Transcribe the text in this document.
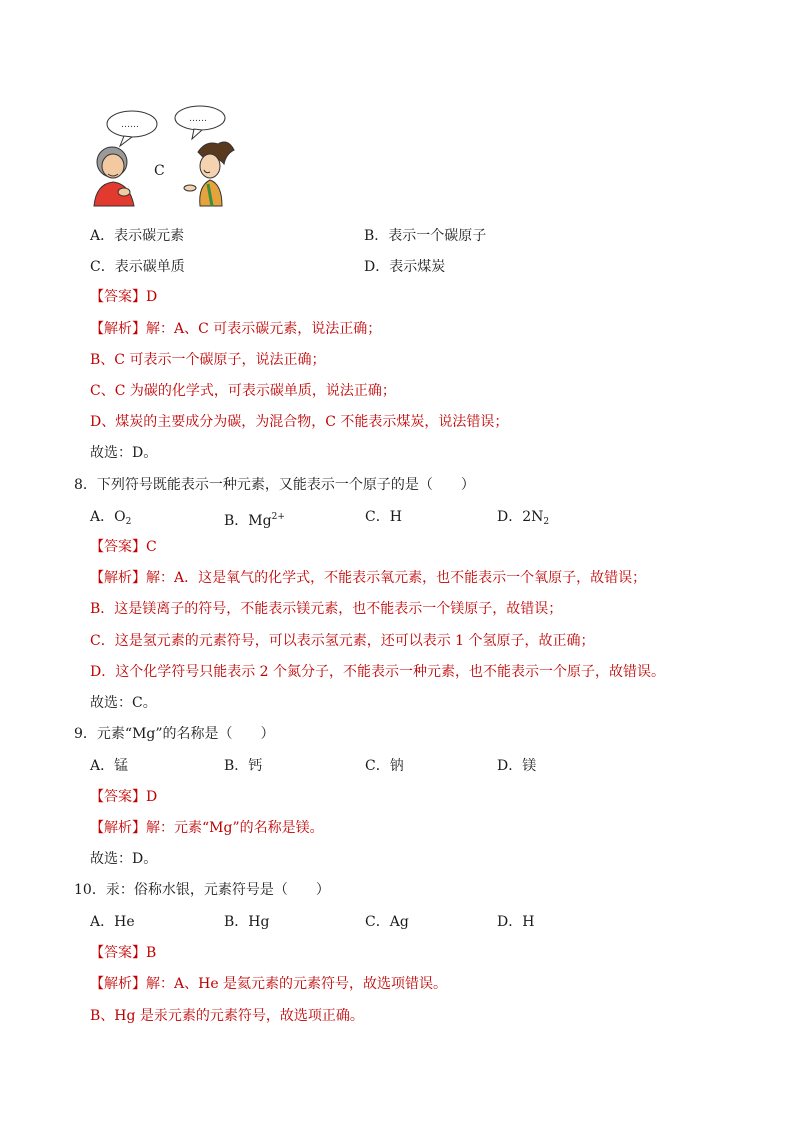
……
……
C
A．表示碳元素	B．表示一个碳原子
C．表示碳单质	D．表示煤炭
【答案】D
【解析】解：A、C 可表示碳元素，说法正确；
B、C 可表示一个碳原子，说法正确；
C、C 为碳的化学式，可表示碳单质，说法正确；
D、煤炭的主要成分为碳，为混合物，C 不能表示煤炭，说法错误；
故选：D。
8．下列符号既能表示一种元素，又能表示一个原子的是（　　）
A．$O_2$	B．$Mg^{2+}$	C．H	D．$2N_2$
【答案】C
【解析】解：A．这是氧气的化学式，不能表示氧元素，也不能表示一个氧原子，故错误；
B．这是镁离子的符号，不能表示镁元素，也不能表示一个镁原子，故错误；
C．这是氢元素的元素符号，可以表示氢元素，还可以表示 1 个氢原子，故正确；
D．这个化学符号只能表示 2 个氮分子，不能表示一种元素，也不能表示一个原子，故错误。
故选：C。
9．元素“Mg”的名称是（　　）
A．锰	B．钙	C．钠	D．镁
【答案】D
【解析】解：元素“Mg”的名称是镁。
故选：D。
10．汞：俗称水银，元素符号是（　　）
A．He	B．Hg	C．Ag	D．H
【答案】B
【解析】解：A、He 是氦元素的元素符号，故选项错误。
B、Hg 是汞元素的元素符号，故选项正确。
